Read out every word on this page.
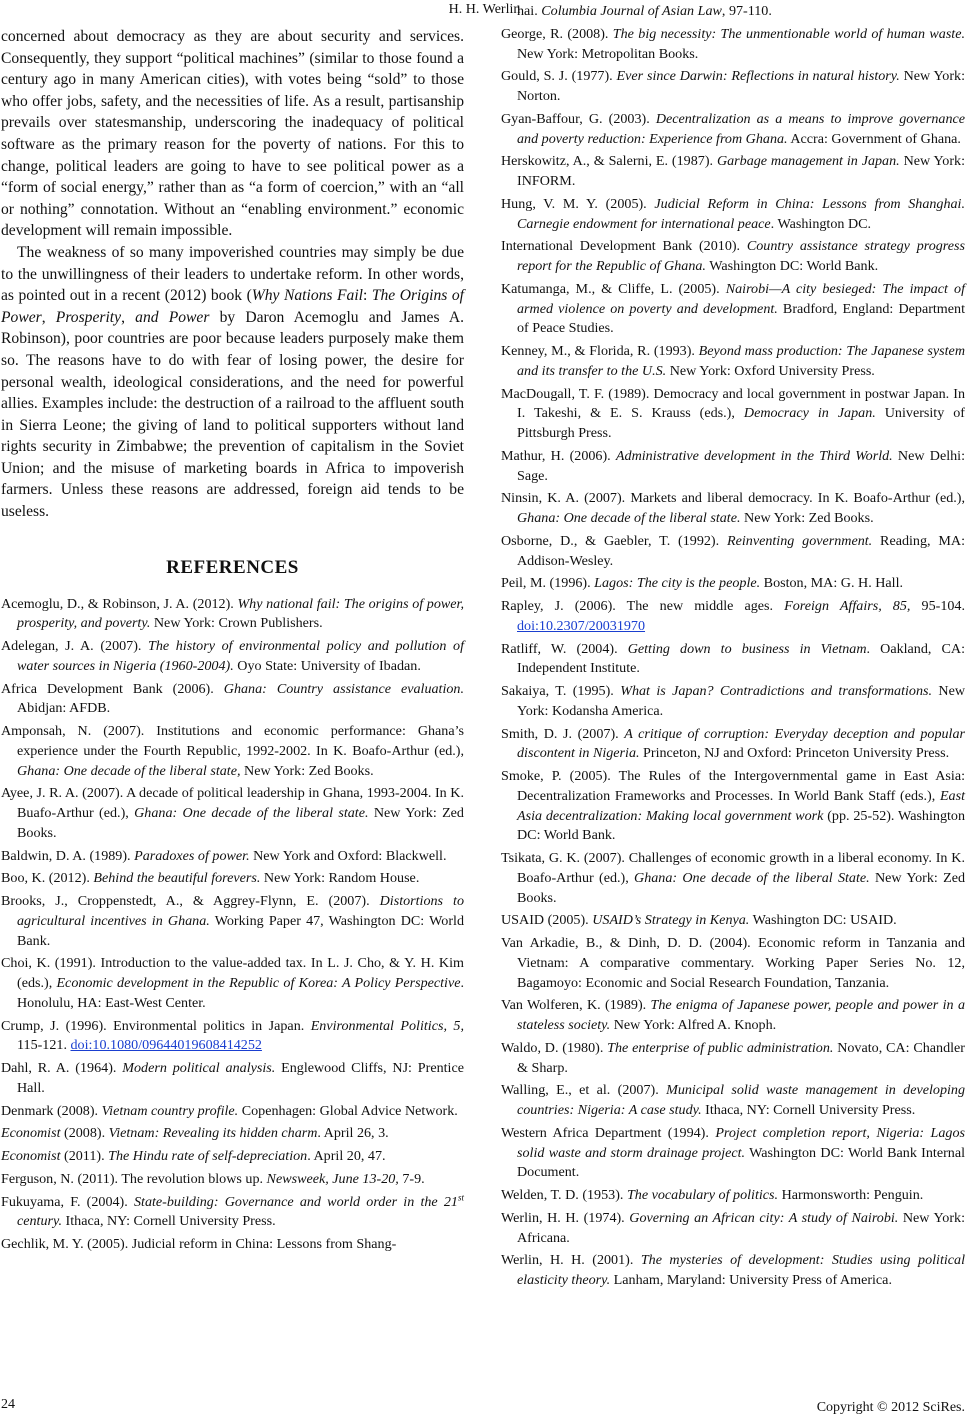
H. H. Werlin

concerned about democracy as they are about security and services. Consequently, they support “political machines” (similar to those found a century ago in many American cities), with votes being “sold” to those who offer jobs, safety, and the necessities of life. As a result, partisanship prevails over statesmanship, underscoring the inadequacy of political software as the primary reason for the poverty of nations. For this to change, political leaders are going to have to see political power as a “form of social energy,” rather than as “a form of coercion,” with an “all or nothing” connotation. Without an “enabling environment.” economic development will remain impossible.

The weakness of so many impoverished countries may simply be due to the unwillingness of their leaders to undertake reform. In other words, as pointed out in a recent (2012) book (Why Nations Fail: The Origins of Power, Prosperity, and Power by Daron Acemoglu and James A. Robinson), poor countries are poor because leaders purposely make them so. The reasons have to do with fear of losing power, the desire for personal wealth, ideological considerations, and the need for powerful allies. Examples include: the destruction of a railroad to the affluent south in Sierra Leone; the giving of land to political supporters without land rights security in Zimbabwe; the prevention of capitalism in the Soviet Union; and the misuse of marketing boards in Africa to impoverish farmers. Unless these reasons are addressed, foreign aid tends to be useless.

REFERENCES

Acemoglu, D., & Robinson, J. A. (2012). Why national fail: The origins of power, prosperity, and poverty. New York: Crown Publishers.

Adelegan, J. A. (2007). The history of environmental policy and pollution of water sources in Nigeria (1960-2004). Oyo State: University of Ibadan.

Africa Development Bank (2006). Ghana: Country assistance evaluation. Abidjan: AFDB.

Amponsah, N. (2007). Institutions and economic performance: Ghana’s experience under the Fourth Republic, 1992-2002. In K. Boafo-Arthur (ed.), Ghana: One decade of the liberal state, New York: Zed Books.

Ayee, J. R. A. (2007). A decade of political leadership in Ghana, 1993-2004. In K. Buafo-Arthur (ed.), Ghana: One decade of the liberal state. New York: Zed Books.

Baldwin, D. A. (1989). Paradoxes of power. New York and Oxford: Blackwell.

Boo, K. (2012). Behind the beautiful forevers. New York: Random House.

Brooks, J., Croppenstedt, A., & Aggrey-Flynn, E. (2007). Distortions to agricultural incentives in Ghana. Working Paper 47, Washington DC: World Bank.

Choi, K. (1991). Introduction to the value-added tax. In L. J. Cho, & Y. H. Kim (eds.), Economic development in the Republic of Korea: A Policy Perspective. Honolulu, HA: East-West Center.

Crump, J. (1996). Environmental politics in Japan. Environmental Politics, 5, 115-121. doi:10.1080/09644019608414252

Dahl, R. A. (1964). Modern political analysis. Englewood Cliffs, NJ: Prentice Hall.

Denmark (2008). Vietnam country profile. Copenhagen: Global Advice Network.

Economist (2008). Vietnam: Revealing its hidden charm. April 26, 3.

Economist (2011). The Hindu rate of self-depreciation. April 20, 47.

Ferguson, N. (2011). The revolution blows up. Newsweek, June 13-20, 7-9.

Fukuyama, F. (2004). State-building: Governance and world order in the 21st century. Ithaca, NY: Cornell University Press.

Gechlik, M. Y. (2005). Judicial reform in China: Lessons from Shang-

hai. Columbia Journal of Asian Law, 97-110.

George, R. (2008). The big necessity: The unmentionable world of human waste. New York: Metropolitan Books.

Gould, S. J. (1977). Ever since Darwin: Reflections in natural history. New York: Norton.

Gyan-Baffour, G. (2003). Decentralization as a means to improve governance and poverty reduction: Experience from Ghana. Accra: Government of Ghana.

Herskowitz, A., & Salerni, E. (1987). Garbage management in Japan. New York: INFORM.

Hung, V. M. Y. (2005). Judicial Reform in China: Lessons from Shanghai. Carnegie endowment for international peace. Washington DC.

International Development Bank (2010). Country assistance strategy progress report for the Republic of Ghana. Washington DC: World Bank.

Katumanga, M., & Cliffe, L. (2005). Nairobi—A city besieged: The impact of armed violence on poverty and development. Bradford, England: Department of Peace Studies.

Kenney, M., & Florida, R. (1993). Beyond mass production: The Japanese system and its transfer to the U.S. New York: Oxford University Press.

MacDougall, T. F. (1989). Democracy and local government in postwar Japan. In I. Takeshi, & E. S. Krauss (eds.), Democracy in Japan. University of Pittsburgh Press.

Mathur, H. (2006). Administrative development in the Third World. New Delhi: Sage.

Ninsin, K. A. (2007). Markets and liberal democracy. In K. Boafo-Arthur (ed.), Ghana: One decade of the liberal state. New York: Zed Books.

Osborne, D., & Gaebler, T. (1992). Reinventing government. Reading, MA: Addison-Wesley.

Peil, M. (1996). Lagos: The city is the people. Boston, MA: G. H. Hall.

Rapley, J. (2006). The new middle ages. Foreign Affairs, 85, 95-104. doi:10.2307/20031970

Ratliff, W. (2004). Getting down to business in Vietnam. Oakland, CA: Independent Institute.

Sakaiya, T. (1995). What is Japan? Contradictions and transformations. New York: Kodansha America.

Smith, D. J. (2007). A critique of corruption: Everyday deception and popular discontent in Nigeria. Princeton, NJ and Oxford: Princeton University Press.

Smoke, P. (2005). The Rules of the Intergovernmental game in East Asia: Decentralization Frameworks and Processes. In World Bank Staff (eds.), East Asia decentralization: Making local government work (pp. 25-52). Washington DC: World Bank.

Tsikata, G. K. (2007). Challenges of economic growth in a liberal economy. In K. Boafo-Arthur (ed.), Ghana: One decade of the liberal State. New York: Zed Books.

USAID (2005). USAID’s Strategy in Kenya. Washington DC: USAID.

Van Arkadie, B., & Dinh, D. D. (2004). Economic reform in Tanzania and Vietnam: A comparative commentary. Working Paper Series No. 12, Bagamoyo: Economic and Social Research Foundation, Tanzania.

Van Wolferen, K. (1989). The enigma of Japanese power, people and power in a stateless society. New York: Alfred A. Knoph.

Waldo, D. (1980). The enterprise of public administration. Novato, CA: Chandler & Sharp.

Walling, E., et al. (2007). Municipal solid waste management in developing countries: Nigeria: A case study. Ithaca, NY: Cornell University Press.

Western Africa Department (1994). Project completion report, Nigeria: Lagos solid waste and storm drainage project. Washington DC: World Bank Internal Document.

Welden, T. D. (1953). The vocabulary of politics. Harmonsworth: Penguin.

Werlin, H. H. (1974). Governing an African city: A study of Nairobi. New York: Africana.

Werlin, H. H. (2001). The mysteries of development: Studies using political elasticity theory. Lanham, Maryland: University Press of America.

24	Copyright © 2012 SciRes.
